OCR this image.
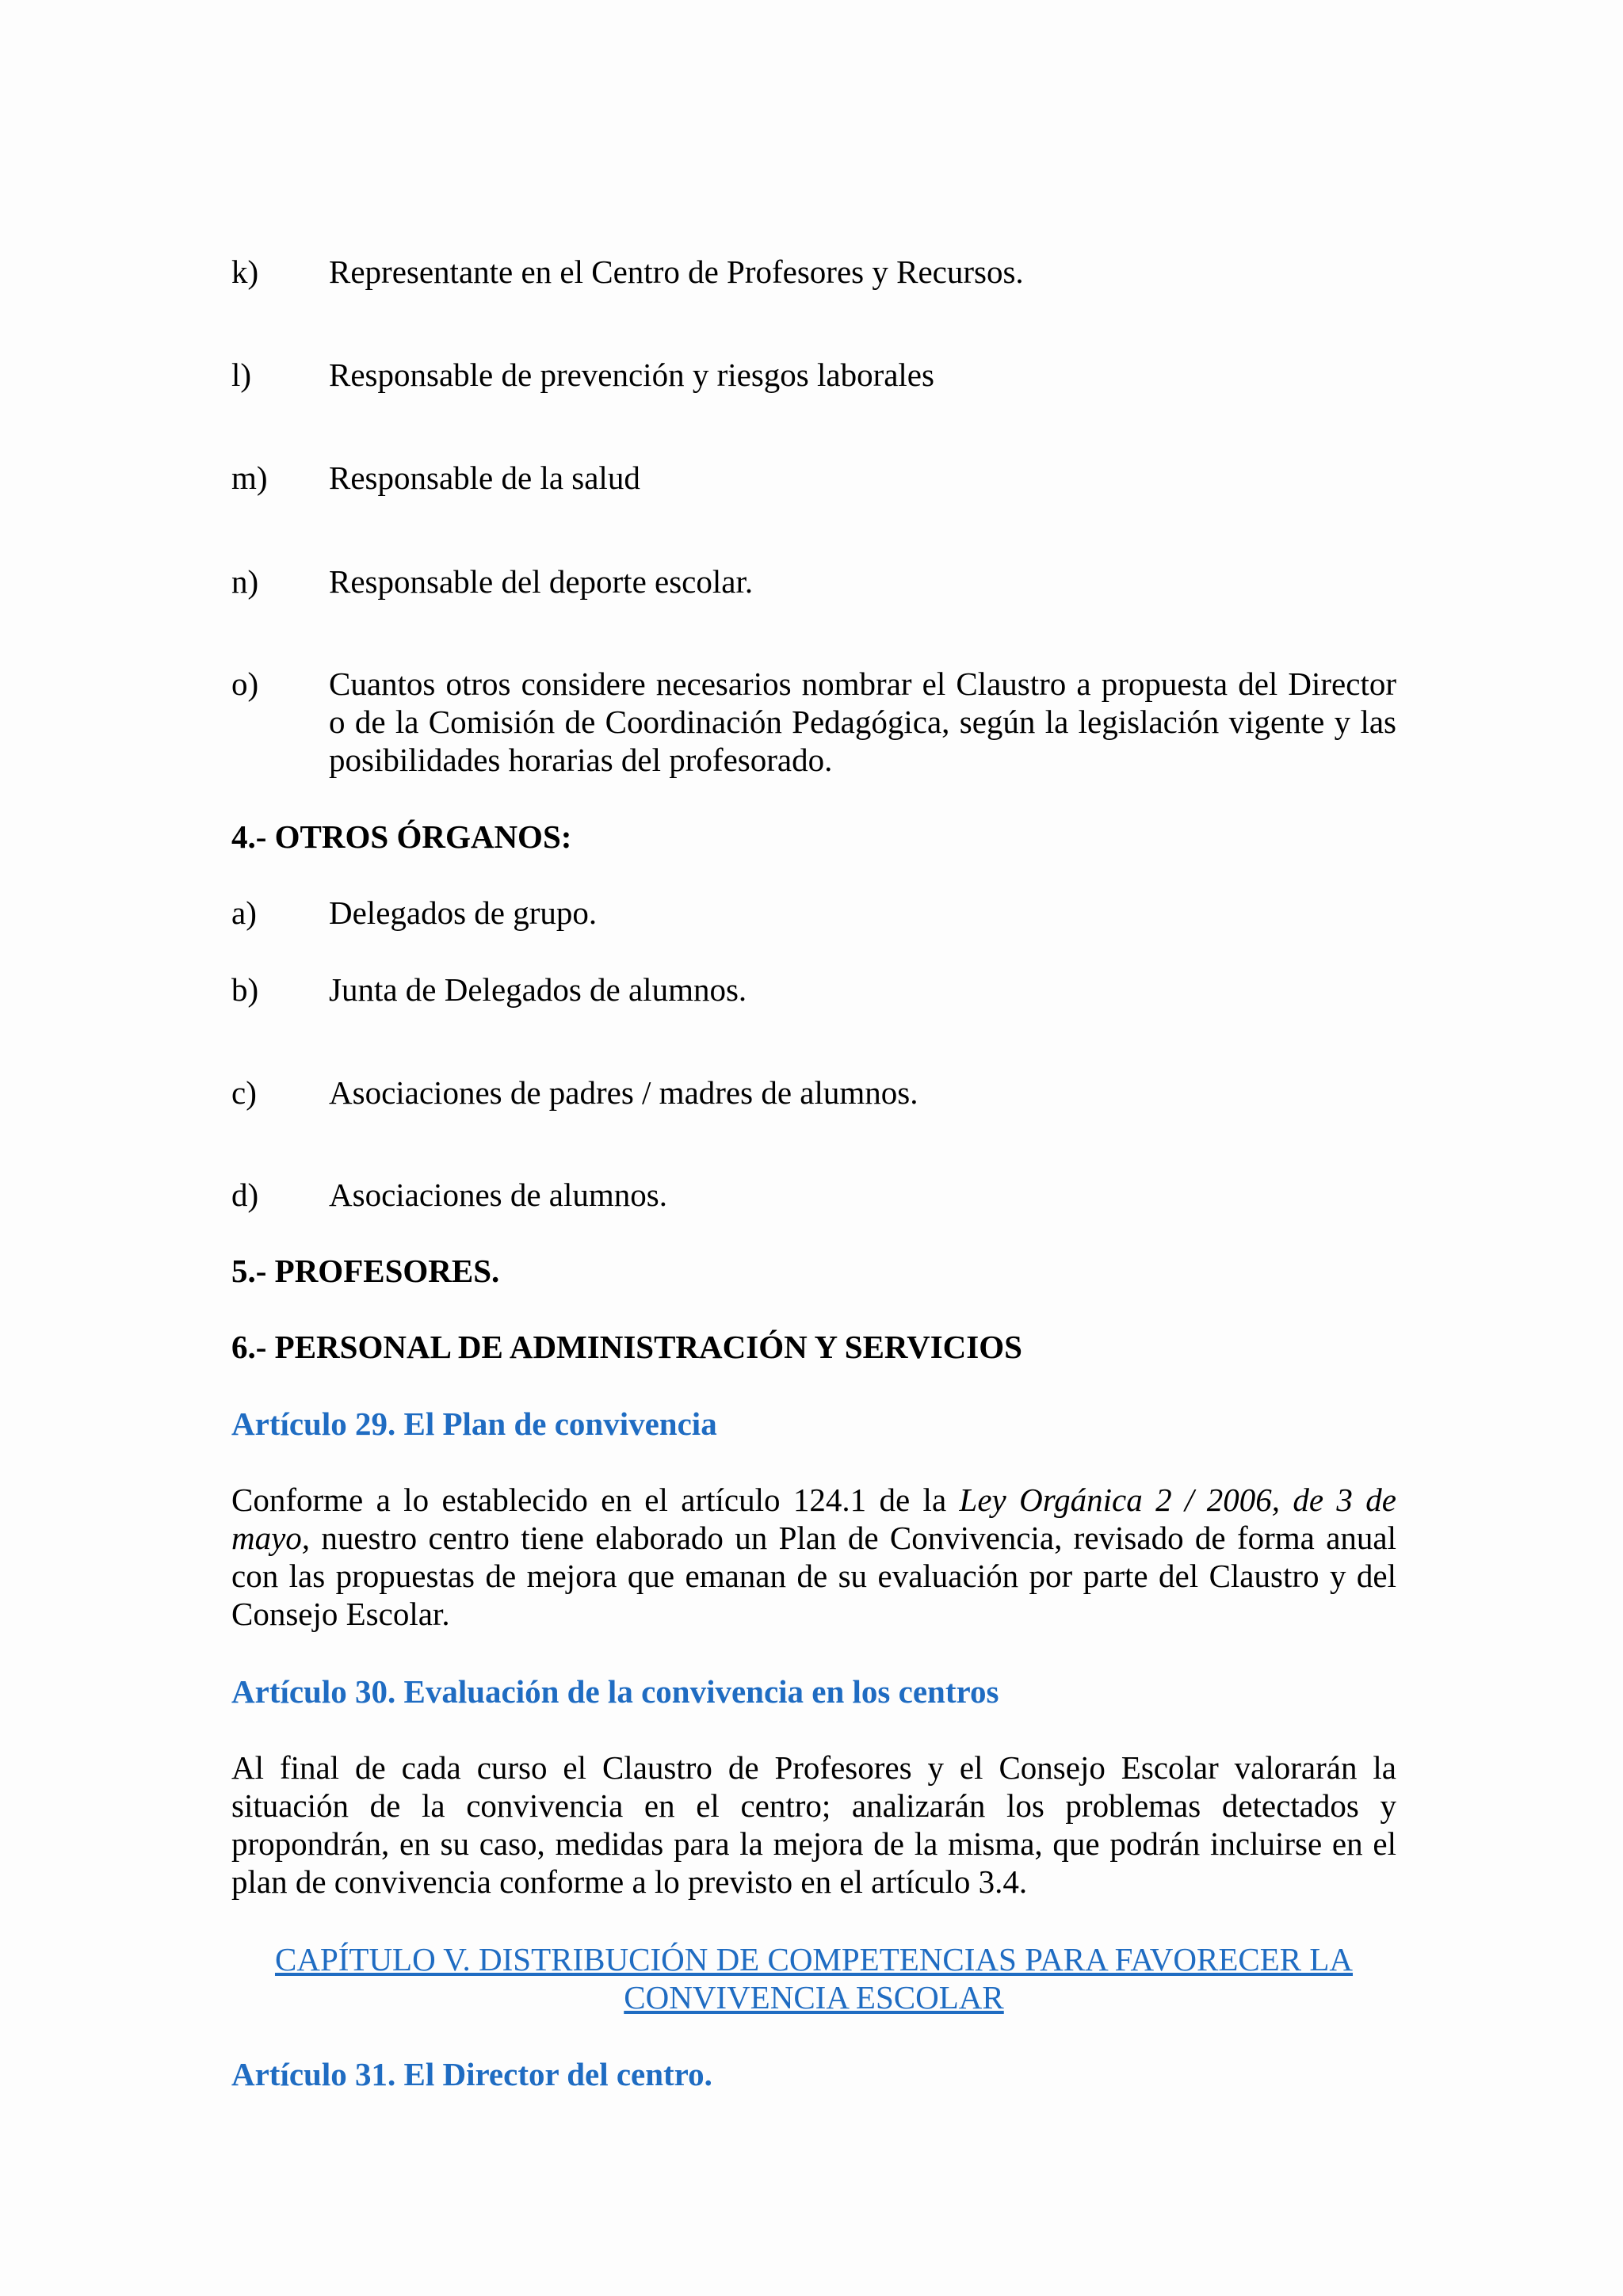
k) Representante en el Centro de Profesores y Recursos.
l) Responsable de prevención y riesgos laborales
m) Responsable de la salud
n) Responsable del deporte escolar.
o) Cuantos otros considere necesarios nombrar el Claustro a propuesta del Director o de la Comisión de Coordinación Pedagógica, según la legislación vigente y las posibilidades horarias del profesorado.
4.- OTROS ÓRGANOS:
a) Delegados de grupo.
b) Junta de Delegados de alumnos.
c) Asociaciones de padres / madres de alumnos.
d) Asociaciones de alumnos.
5.- PROFESORES.
6.- PERSONAL DE ADMINISTRACIÓN Y SERVICIOS
Artículo 29. El Plan de convivencia
Conforme a lo establecido en el artículo 124.1 de la Ley Orgánica 2 / 2006, de 3 de mayo, nuestro centro tiene elaborado un Plan de Convivencia, revisado de forma anual con las propuestas de mejora que emanan de su evaluación por parte del Claustro y del Consejo Escolar.
Artículo 30. Evaluación de la convivencia en los centros
Al final de cada curso el Claustro de Profesores y el Consejo Escolar valorarán la situación de la convivencia en el centro; analizarán los problemas detectados y propondrán, en su caso, medidas para la mejora de la misma, que podrán incluirse en el plan de convivencia conforme a lo previsto en el artículo 3.4.
CAPÍTULO V. DISTRIBUCIÓN DE COMPETENCIAS PARA FAVORECER LA
CONVIVENCIA ESCOLAR
Artículo 31. El Director del centro.
